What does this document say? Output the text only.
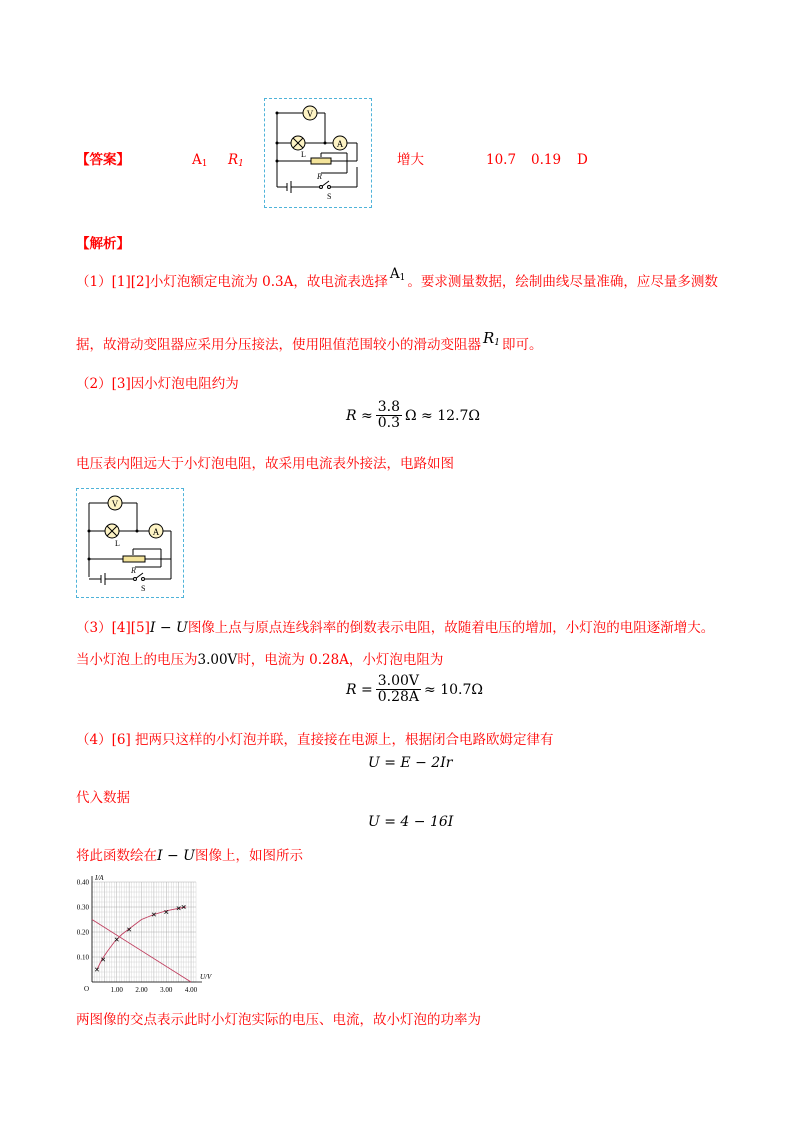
【答案】	$A_1$ $R_1$
V
A
L
R
S
增大	10.7 0.19 D
【解析】
（1）[1][2]小灯泡额定电流为 0.3A，故电流表选择 $A_1$ 。要求测量数据，绘制曲线尽量准确，应尽量多测数
据，故滑动变阻器应采用分压接法，使用阻值范围较小的滑动变阻器 $R_1$ 即可。
（2）[3]因小灯泡电阻约为
$R \approx \frac{3.8}{0.3}$ Ω ≈ 12.7Ω
电压表内阻远大于小灯泡电阻，故采用电流表外接法，电路如图
V
A
L
R
S
（3）[4][5]I − U图像上点与原点连线斜率的倒数表示电阻，故随着电压的增加，小灯泡的电阻逐渐增大。
当小灯泡上的电压为3.00V时，电流为 0.28A，小灯泡电阻为
$R = \frac{3.00V}{0.28A} \approx 10.7\Omega$
（4）[6] 把两只这样的小灯泡并联，直接接在电源上，根据闭合电路欧姆定律有
U = E − 2Ir
代入数据
U = 4 − 16I
将此函数绘在I − U图像上，如图所示
1.00 2.00 3.00 4.00
0.10
0.20
0.30
0.40
O
I/A
U/V
两图像的交点表示此时小灯泡实际的电压、电流，故小灯泡的功率为
